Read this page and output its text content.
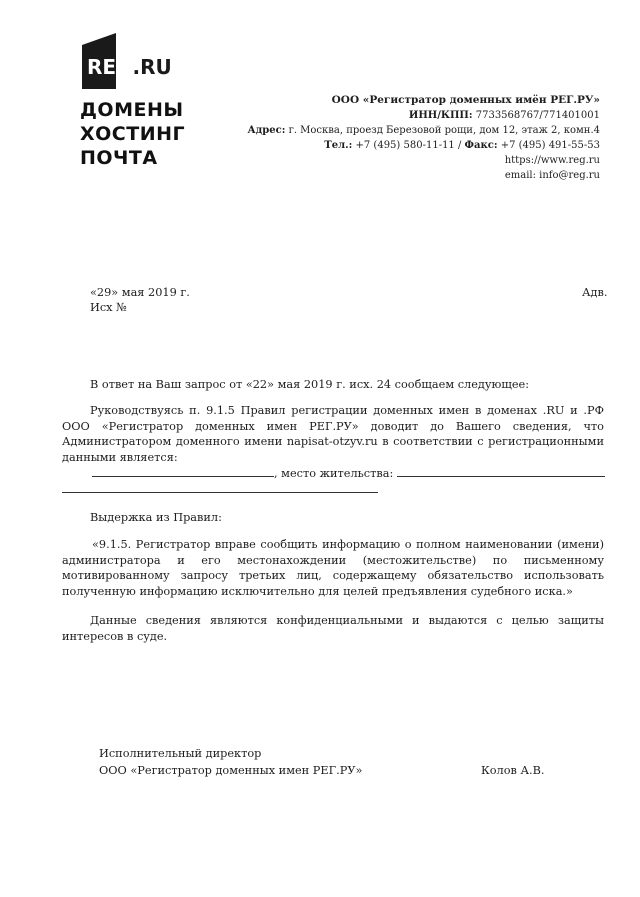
REG .RU
ДОМЕНЫ
ХОСТИНГ
ПОЧТА
ООО «Регистратор доменных имён РЕГ.РУ»
ИНН/КПП: 7733568767/771401001
Адрес: г. Москва, проезд Березовой рощи, дом 12, этаж 2, комн.4
Тел.: +7 (495) 580-11-11 / Факс: +7 (495) 491-55-53
https://www.reg.ru
email: info@reg.ru
«29» мая 2019 г.
Исх №
Адв.
В ответ на Ваш запрос от «22» мая 2019 г. исх. 24 сообщаем следующее:
Руководствуясь п. 9.1.5 Правил регистрации доменных имен в доменах .RU и .РФ ООО «Регистратор доменных имен РЕГ.РУ» доводит до Вашего сведения, что Администратором доменного имени napisat-otzyv.ru в соответствии с регистрационными данными является:
, место жительства:
Выдержка из Правил:
«9.1.5. Регистратор вправе сообщить информацию о полном наименовании (имени) администратора и его местонахождении (местожительстве) по письменному мотивированному запросу третьих лиц, содержащему обязательство использовать полученную информацию исключительно для целей предъявления судебного иска.»
Данные сведения являются конфиденциальными и выдаются с целью защиты интересов в суде.
Исполнительный директор
ООО «Регистратор доменных имен РЕГ.РУ»	Колов А.В.
